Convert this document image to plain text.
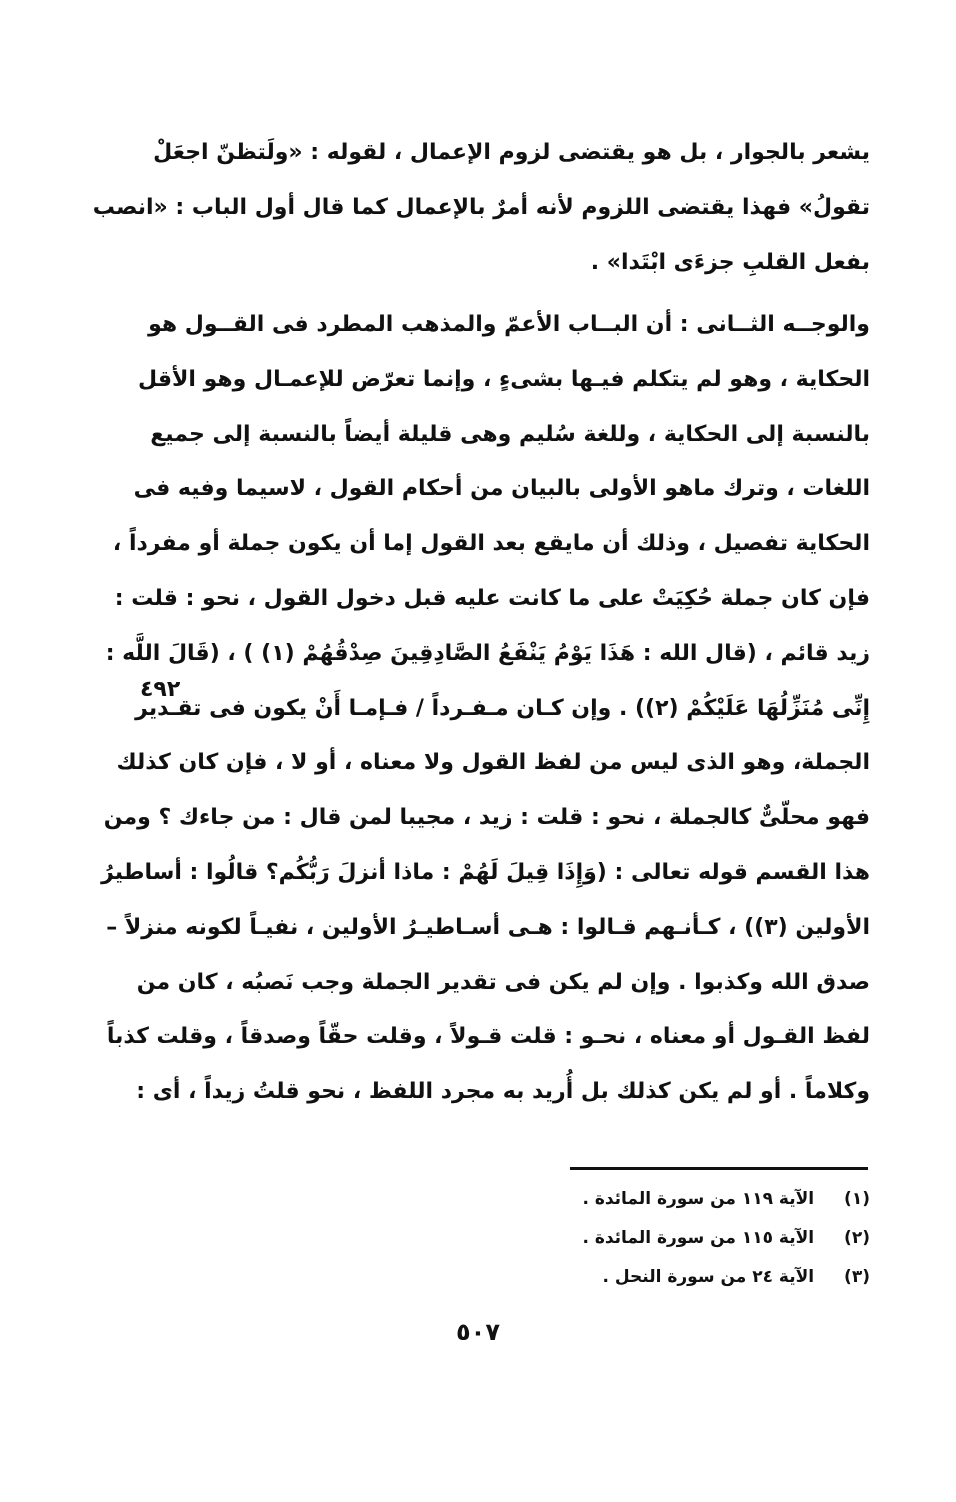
يشعر بالجوار ، بل هو يقتضى لزوم الإعمال ، لقوله : «ولَتظنّ اجعَلْ
تقولُ» فهذا يقتضى اللزوم لأنه أمرٌ بالإعمال كما قال أول الباب : «انصب
بفعل القلبِ جزءَى ابْتَدا» .
والوجــه الثــانى : أن البــاب الأعمّ والمذهب المطرد فى القــول هو
الحكاية ، وهو لم يتكلم فيـها بشىءٍ ، وإنما تعرّض للإعمـال وهو الأقل
بالنسبة إلى الحكاية ، وللغة سُليم وهى قليلة أيضاً بالنسبة إلى جميع
اللغات ، وترك ماهو الأولى بالبيان من أحكام القول ، لاسيما وفيه فى
الحكاية تفصيل ، وذلك أن مايقع بعد القول إما أن يكون جملة أو مفرداً ،
فإن كان جملة حُكِيَتْ على ما كانت عليه قبل دخول القول ، نحو : قلت :
زيد قائم ، (قال الله : هَذَا يَوْمُ يَنْفَعُ الصَّادِقِينَ صِدْقُهُمْ (١) ) ، (قَالَ اللَّه :
إِنِّى مُنَزِّلُهَا عَلَيْكُمْ (٢)) . وإن كـان مـفـرداً / فـإمـا أَنْ يكون فى تقـدير
الجملة، وهو الذى ليس من لفظ القول ولا معناه ، أو لا ، فإن كان كذلك
فهو محلّىٌّ كالجملة ، نحو : قلت : زيد ، مجيبا لمن قال : من جاءك ؟ ومن
هذا القسم قوله تعالى : (وَإِذَا قِيلَ لَهُمْ : ماذا أنزلَ رَبُّكُم؟ قالُوا : أساطيرُ
الأولين (٣)) ، كـأنـهم قـالوا : هـى أسـاطيـرُ الأولين ، نفيـاً لكونه منزلاً –
صدق الله وكذبوا . وإن لم يكن فى تقدير الجملة وجب نَصبُه ، كان من
لفظ القـول أو معناه ، نحـو : قلت قـولاً ، وقلت حقّاً وصدقاً ، وقلت كذباً
وكلاماً . أو لم يكن كذلك بل أُريد به مجرد اللفظ ، نحو قلتُ زيداً ، أى :
٤٩٢
(١) الآية ١١٩ من سورة المائدة .
(٢) الآية ١١٥ من سورة المائدة .
(٣) الآية ٢٤ من سورة النحل .
٥٠٧
